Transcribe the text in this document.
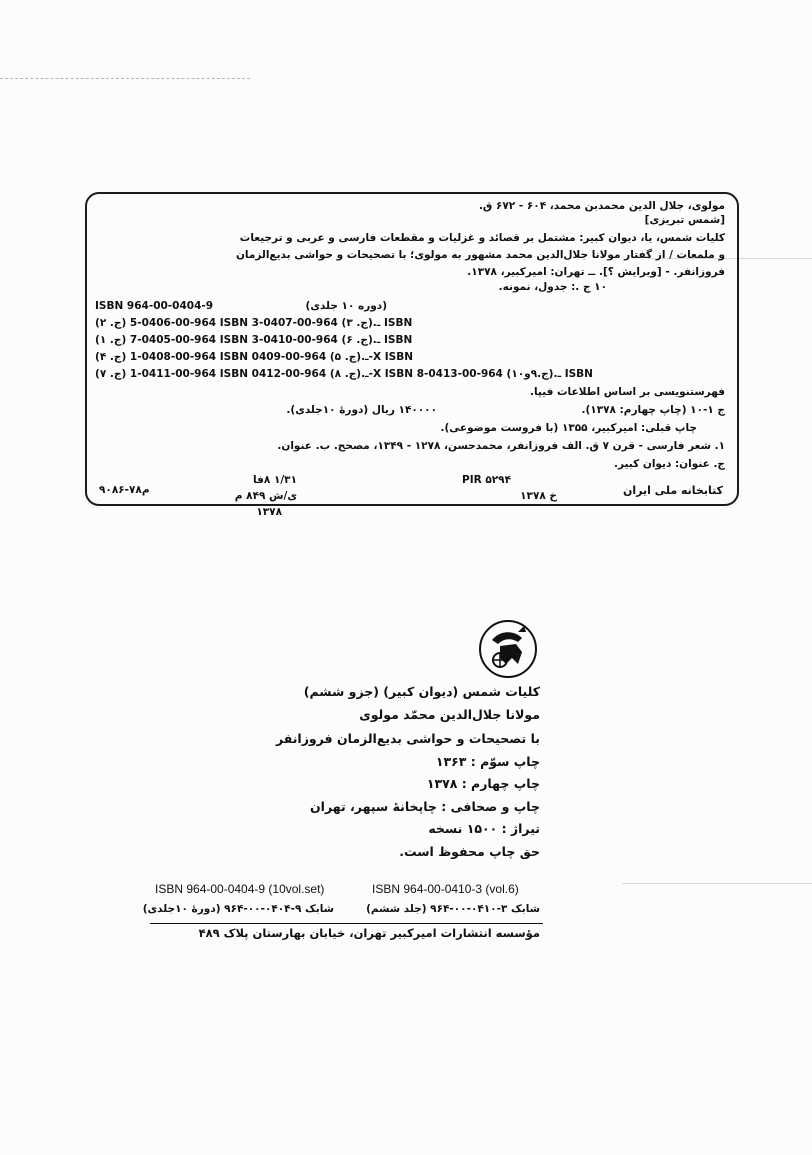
مولوی، جلال الدین محمدبن محمد، ۶۰۴ - ۶۷۲ ق.
[شمس تبریزی]
کلیات شمس، یا، دیوان کبیر: مشتمل بر قصائد و غزلیات و مقطعات فارسی و عربی و ترجیعات
و ملمعات / از گفتار مولانا جلال‌الدین محمد مشهور به مولوی؛ با تصحیحات و حواشی بدیع‌الزمان
فروزانفر. - [ویرایش ؟]. ــ تهران: امیرکبیر، ۱۳۷۸.
۱۰ ج .: جدول، نمونه.
(دوره ۱۰ جلدی)
ISBN 964-00-0404-9
(ج. ۲) 964-00-0406-5 ISBN ـ.(ج. ۳) 964-00-0407-3 ISBN
(ج. ۱) 964-00-0405-7 ISBN ـ.(ج. ۶) 964-00-0410-3 ISBN
(ج. ۴) 964-00-0408-1 ISBN ـ.(ج. ۵) 964-00-0409-X ISBN
(ج. ۷) 964-00-0411-1 ISBN ـ.(ج. ۸) 964-00-0412-X ISBN ـ.(ج.۹و۱۰) 964-00-0413-8 ISBN
فهرستنویسی بر اساس اطلاعات فیپا.
ج ۱-۱۰ (چاپ چهارم: ۱۳۷۸).
۱۴۰۰۰۰ ریال (دورهٔ ۱۰جلدی).
چاپ قبلی: امیرکبیر، ۱۳۵۵ (با فروست موضوعی).
۱. شعر فارسی - قرن ۷ ق. الف فروزانفر، محمدحسن، ۱۲۷۸ - ۱۳۴۹، مصحح. ب. عنوان.
ج. عنوان: دیوان کبیر.
PIR ۵۲۹۴
خ ۱۳۷۸
۱/۳۱ ۸فا
ی/ش ۸۴۹ م
۱۳۷۸
کتابخانه ملی ایران
م۷۸-۹۰۸۶
کلیات شمس (دیوان کبیر) (جزو ششم)
مولانا جلال‌الدین محمّد مولوی
با تصحیحات و حواشی بدیع‌الزمان فروزانفر
چاپ سوّم : ۱۳۶۳
چاپ چهارم : ۱۳۷۸
چاپ و صحافی : چاپخانهٔ سپهر، تهران
تیراژ : ۱۵۰۰ نسخه
حق چاپ محفوظ است.
ISBN 964-00-0404-9 (10vol.set)	ISBN 964-00-0410-3 (vol.6)
شابک ۳-۰۴۱۰-۰۰-۹۶۴ (جلد ششم)
شابک ۹-۰۴۰۴-۰۰-۹۶۴ (دورهٔ ۱۰جلدی)
مؤسسه انتشارات امیرکبیر تهران، خیابان بهارستان پلاک ۴۸۹
